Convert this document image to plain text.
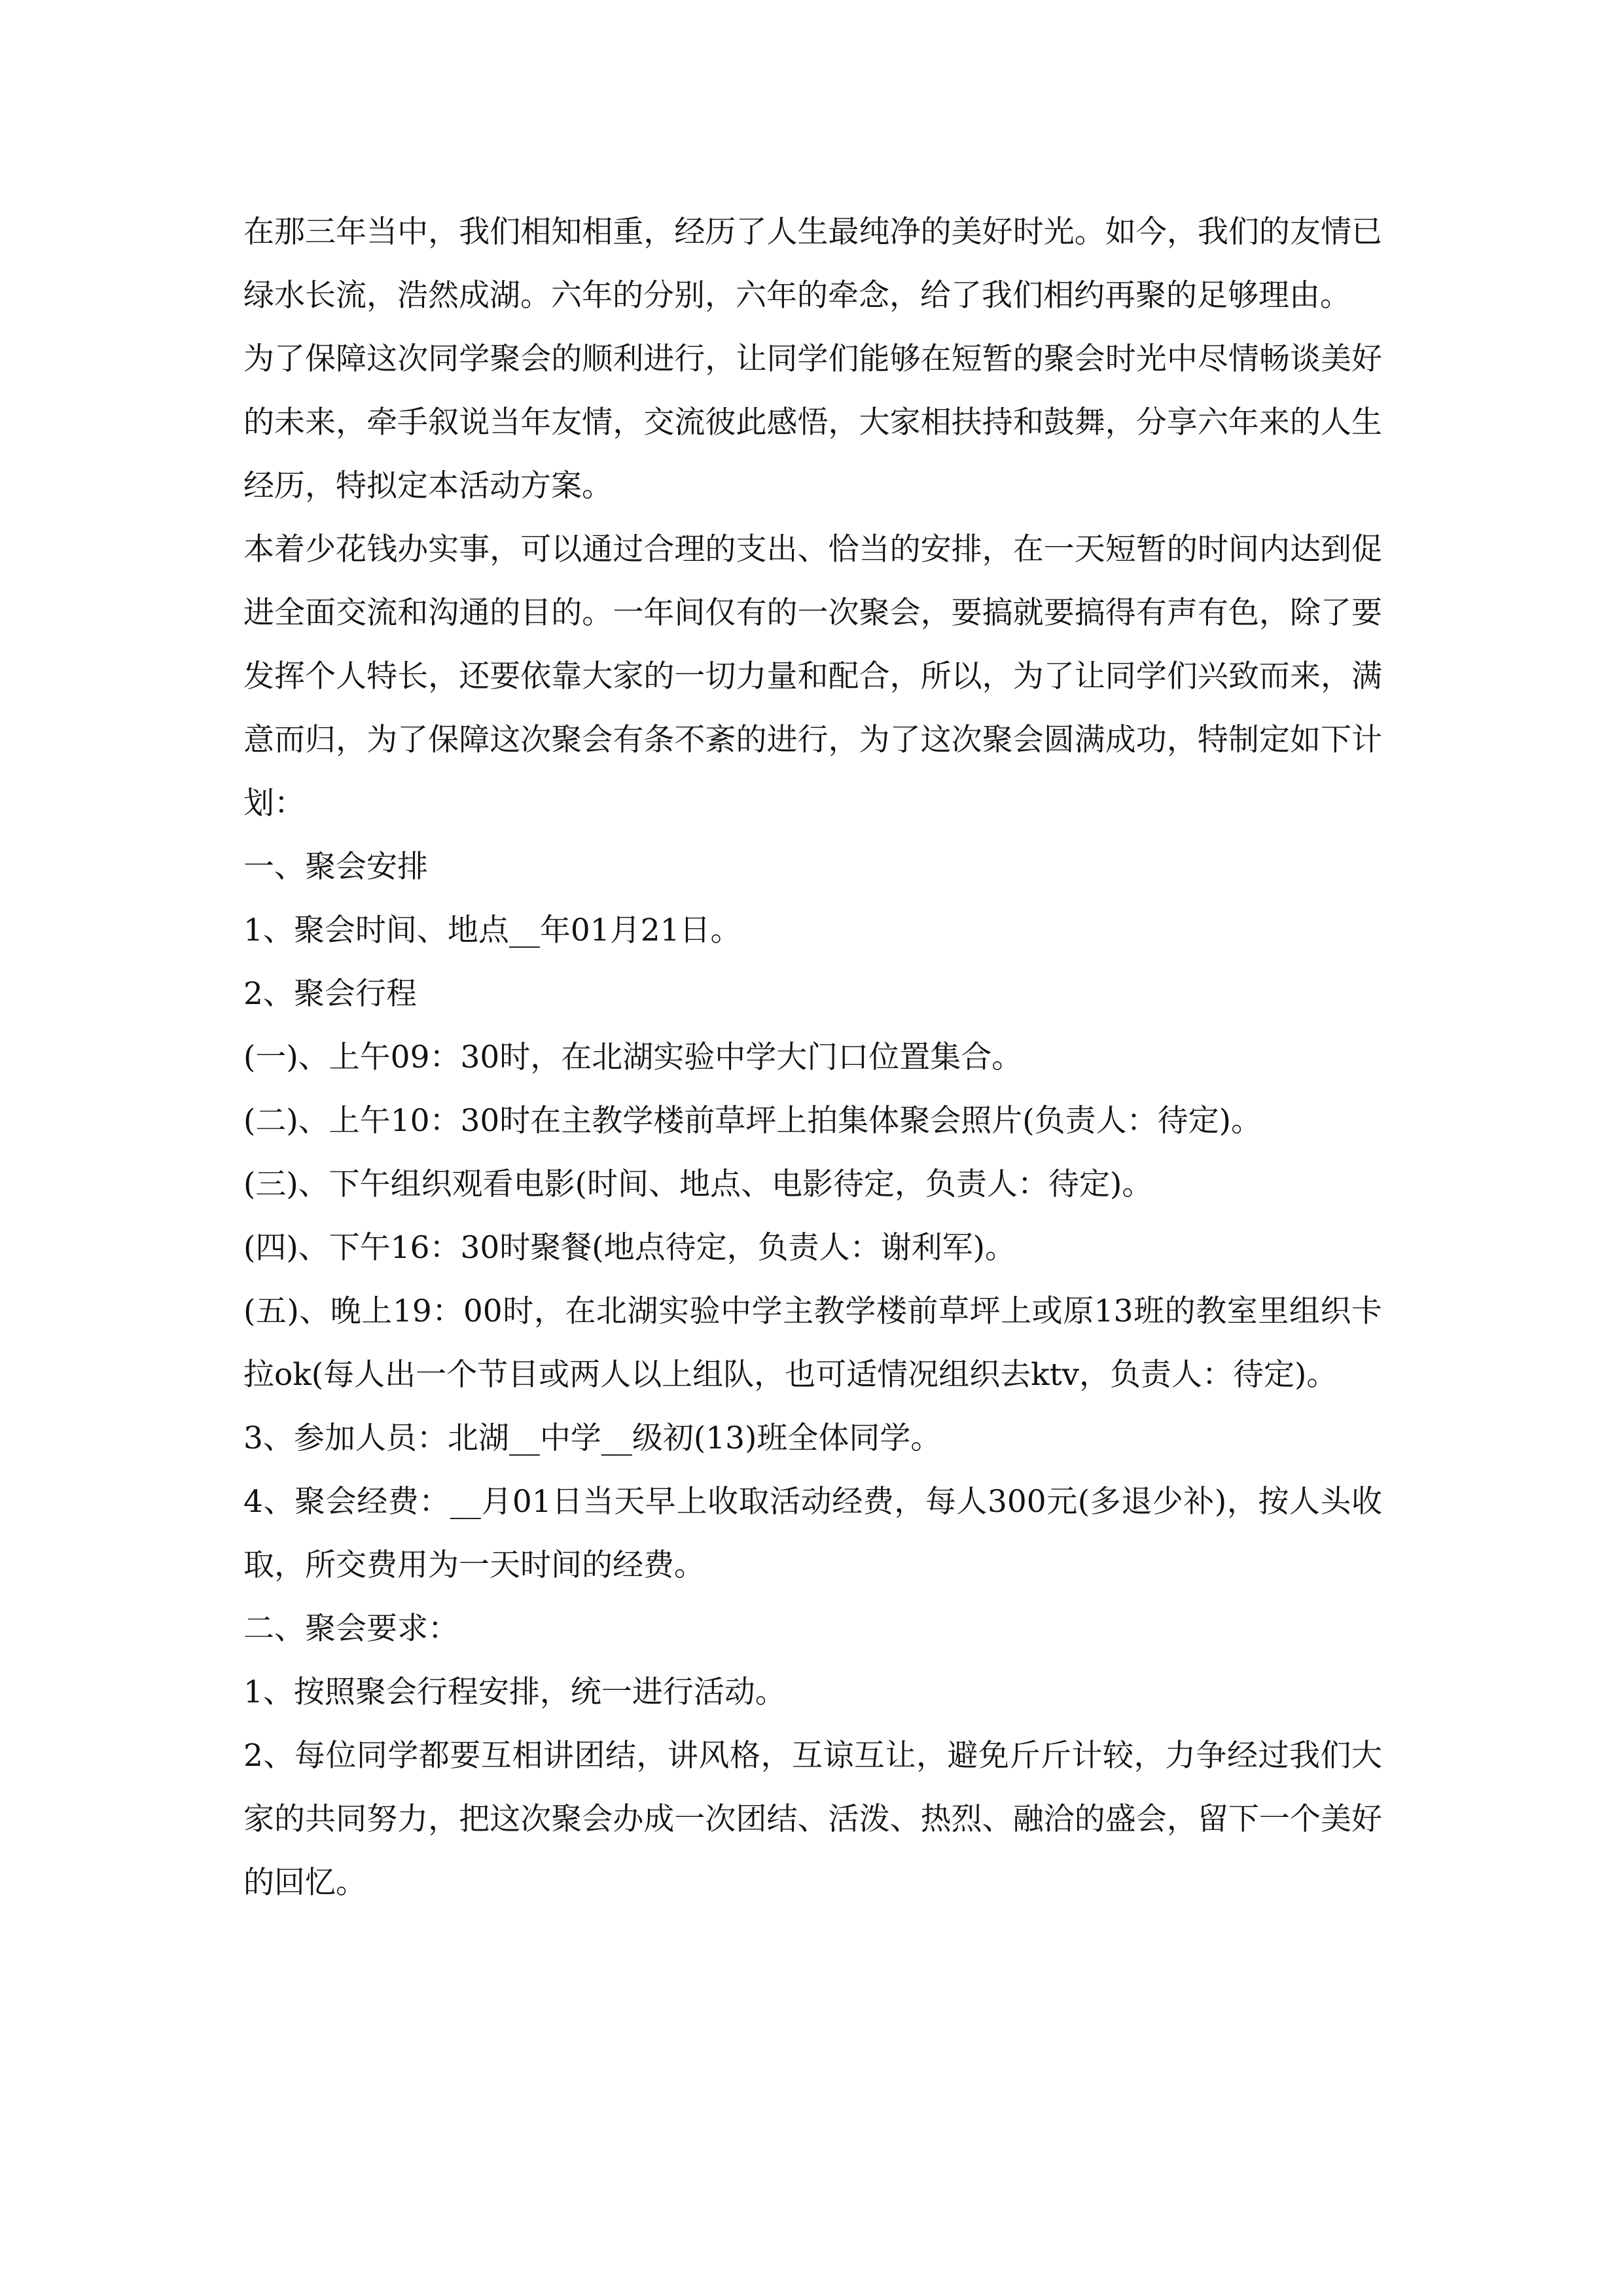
在那三年当中，我们相知相重，经历了人生最纯净的美好时光。如今，我们的友情已绿水长流，浩然成湖。六年的分别，六年的牵念，给了我们相约再聚的足够理由。

为了保障这次同学聚会的顺利进行，让同学们能够在短暂的聚会时光中尽情畅谈美好的未来，牵手叙说当年友情，交流彼此感悟，大家相扶持和鼓舞，分享六年来的人生经历，特拟定本活动方案。

本着少花钱办实事，可以通过合理的支出、恰当的安排，在一天短暂的时间内达到促进全面交流和沟通的目的。一年间仅有的一次聚会，要搞就要搞得有声有色，除了要发挥个人特长，还要依靠大家的一切力量和配合，所以，为了让同学们兴致而来，满意而归，为了保障这次聚会有条不紊的进行，为了这次聚会圆满成功，特制定如下计划：

一、聚会安排

1、聚会时间、地点__年01月21日。

2、聚会行程

(一)、上午09：30时，在北湖实验中学大门口位置集合。

(二)、上午10：30时在主教学楼前草坪上拍集体聚会照片(负责人：待定)。

(三)、下午组织观看电影(时间、地点、电影待定，负责人：待定)。

(四)、下午16：30时聚餐(地点待定，负责人：谢利军)。

(五)、晚上19：00时，在北湖实验中学主教学楼前草坪上或原13班的教室里组织卡拉ok(每人出一个节目或两人以上组队，也可适情况组织去ktv，负责人：待定)。

3、参加人员：北湖__中学__级初(13)班全体同学。

4、聚会经费：__月01日当天早上收取活动经费，每人300元(多退少补)，按人头收取，所交费用为一天时间的经费。

二、聚会要求：

1、按照聚会行程安排，统一进行活动。

2、每位同学都要互相讲团结，讲风格，互谅互让，避免斤斤计较，力争经过我们大家的共同努力，把这次聚会办成一次团结、活泼、热烈、融洽的盛会，留下一个美好的回忆。
